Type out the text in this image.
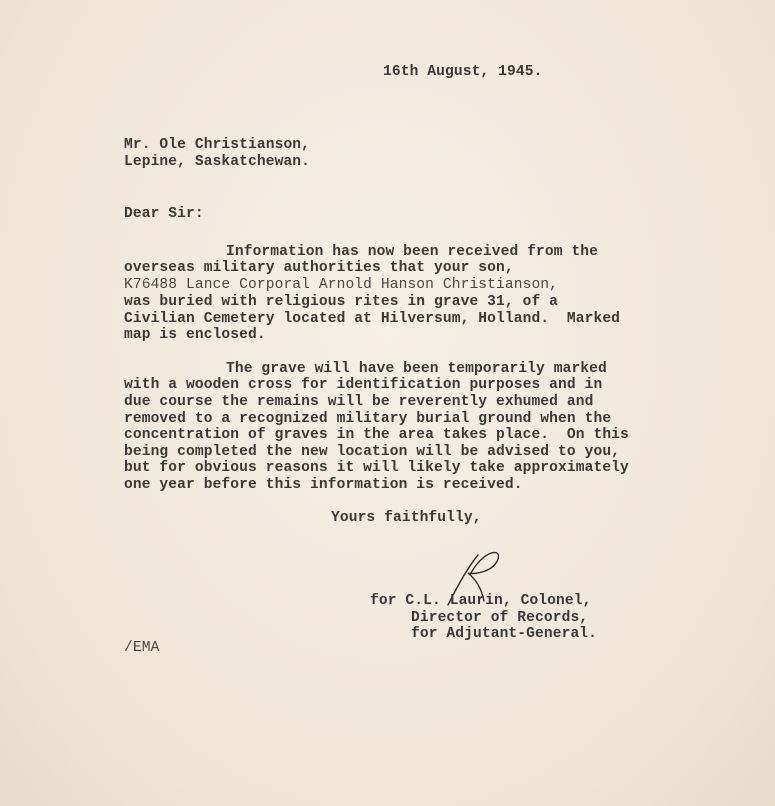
16th August, 1945.
Mr. Ole Christianson,
Lepine, Saskatchewan.
Dear Sir:
Information has now been received from the
overseas military authorities that your son,
K76488 Lance Corporal Arnold Hanson Christianson,
was buried with religious rites in grave 31, of a
Civilian Cemetery located at Hilversum, Holland.  Marked
map is enclosed.
The grave will have been temporarily marked
with a wooden cross for identification purposes and in
due course the remains will be reverently exhumed and
removed to a recognized military burial ground when the
concentration of graves in the area takes place.  On this
being completed the new location will be advised to you,
but for obvious reasons it will likely take approximately
one year before this information is received.
Yours faithfully,
for C.L. Laurin, Colonel,
Director of Records,
for Adjutant-General.
/EMA
